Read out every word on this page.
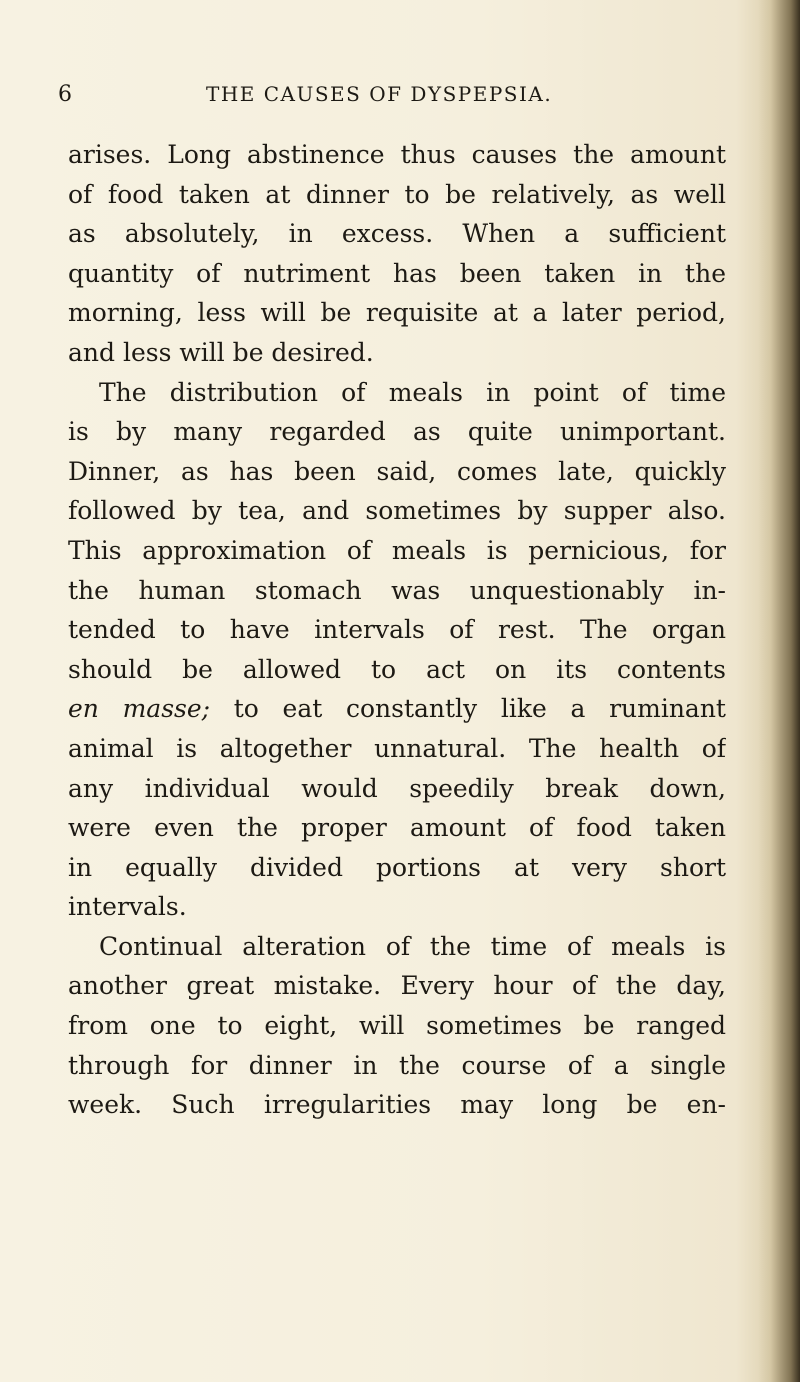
6	THE CAUSES OF DYSPEPSIA.
arises. Long abstinence thus causes the amount
of food taken at dinner to be relatively, as well
as absolutely, in excess. When a sufficient
quantity of nutriment has been taken in the
morning, less will be requisite at a later period,
and less will be desired.
The distribution of meals in point of time
is by many regarded as quite unimportant.
Dinner, as has been said, comes late, quickly
followed by tea, and sometimes by supper also.
This approximation of meals is pernicious, for
the human stomach was unquestionably in-
tended to have intervals of rest. The organ
should be allowed to act on its contents
en masse; to eat constantly like a ruminant
animal is altogether unnatural. The health of
any individual would speedily break down,
were even the proper amount of food taken
in equally divided portions at very short
intervals.
Continual alteration of the time of meals is
another great mistake. Every hour of the day,
from one to eight, will sometimes be ranged
through for dinner in the course of a single
week. Such irregularities may long be en-
